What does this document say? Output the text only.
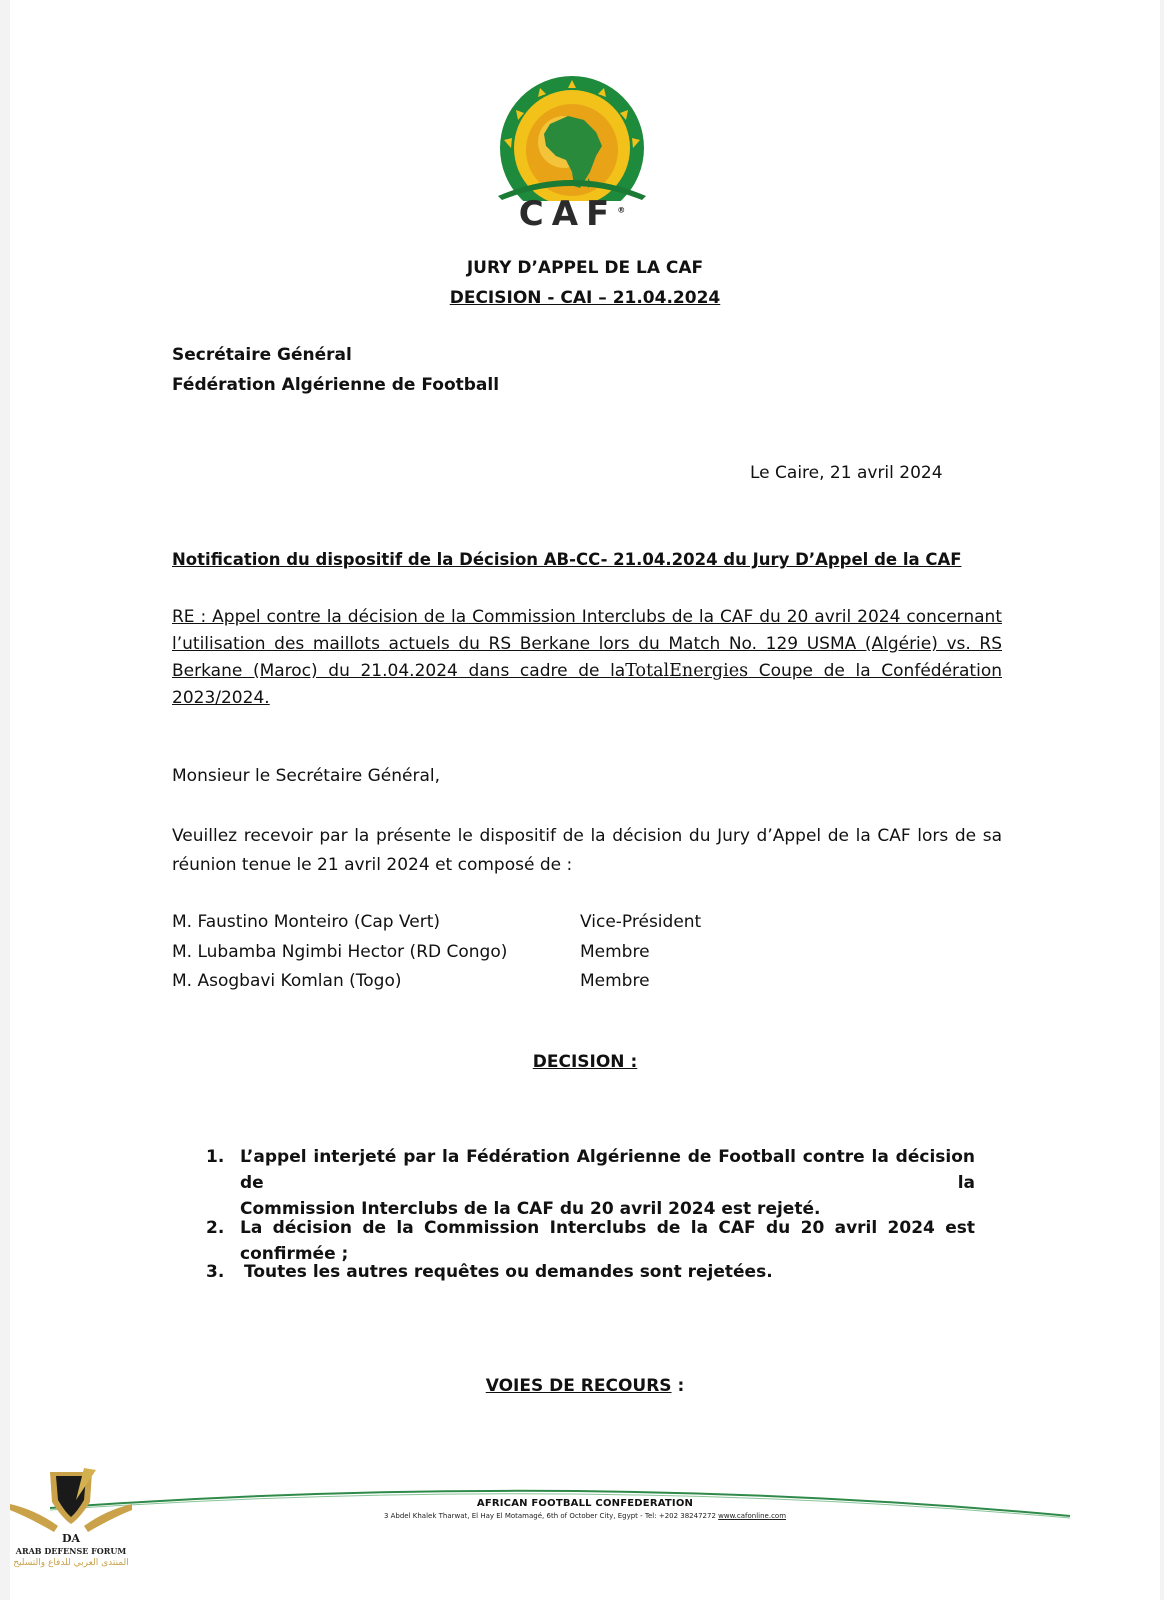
CAF®
JURY D’APPEL DE LA CAF
DECISION - CAI – 21.04.2024
Secrétaire Général
Fédération Algérienne de Football
Le Caire, 21 avril 2024
Notification du dispositif de la Décision AB-CC- 21.04.2024 du Jury D’Appel de la CAF
RE : Appel contre la décision de la Commission Interclubs de la CAF du 20 avril 2024 concernant
l’utilisation des maillots actuels du RS Berkane lors du Match No. 129 USMA (Algérie) vs. RS
Berkane (Maroc) du 21.04.2024 dans cadre de laTotalEnergies Coupe de la Confédération
2023/2024.
Monsieur le Secrétaire Général,
Veuillez recevoir par la présente le dispositif de la décision du Jury d’Appel de la CAF lors de sa
réunion tenue le 21 avril 2024 et composé de :
M. Faustino Monteiro (Cap Vert)	Vice-Président
M. Lubamba Ngimbi Hector (RD Congo)	Membre
M. Asogbavi Komlan (Togo)	Membre
DECISION :
1. L’appel interjeté par la Fédération Algérienne de Football contre la décision de la
Commission Interclubs de la CAF du 20 avril 2024 est rejeté.
2. La décision de la Commission Interclubs de la CAF du 20 avril 2024 est confirmée ;
3. Toutes les autres requêtes ou demandes sont rejetées.
VOIES DE RECOURS :
AFRICAN FOOTBALL CONFEDERATION
3 Abdel Khalek Tharwat, El Hay El Motamagé, 6th of October City, Egypt - Tel: +202 38247272 www.cafonline.com
DA
ARAB DEFENSE FORUM
المنتدى العربي للدفاع والتسليح
